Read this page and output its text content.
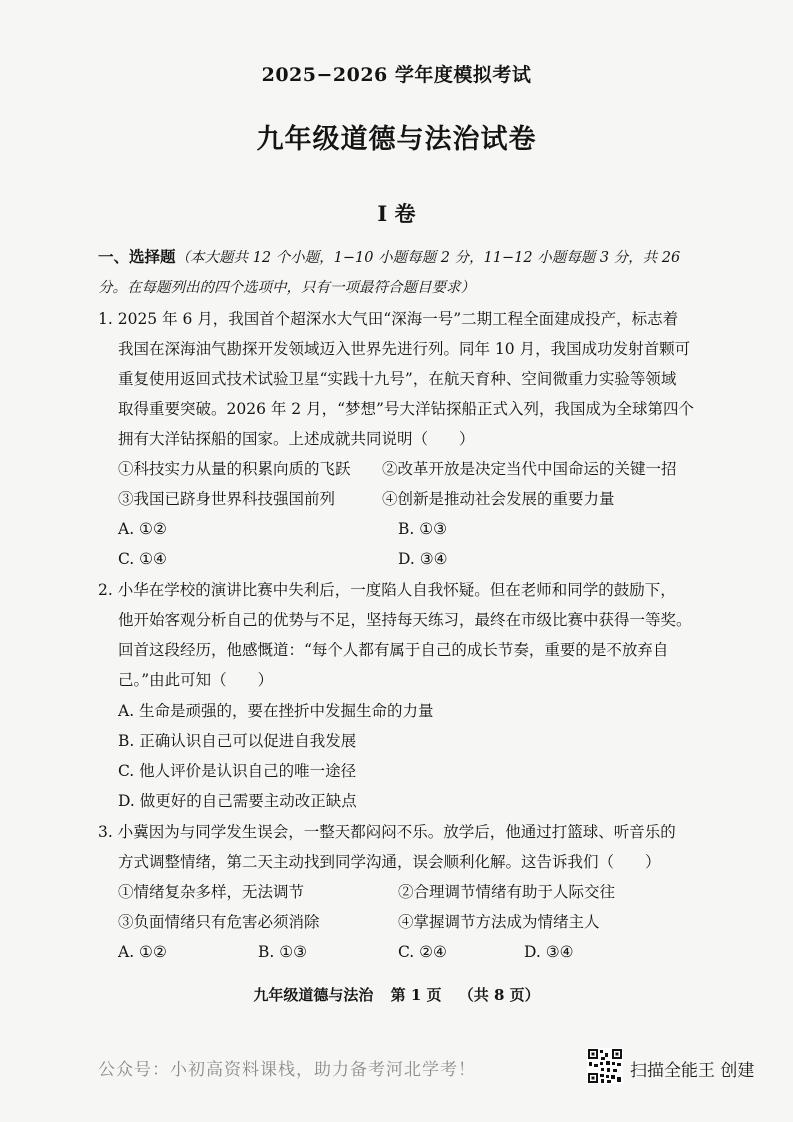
2025−2026 学年度模拟考试
九年级道德与法治试卷
I 卷
一、选择题（本大题共 12 个小题，1−10 小题每题 2 分，11−12 小题每题 3 分，共 26
分。在每题列出的四个选项中，只有一项最符合题目要求）
1. 2025 年 6 月，我国首个超深水大气田“深海一号”二期工程全面建成投产，标志着
我国在深海油气勘探开发领域迈入世界先进行列。同年 10 月，我国成功发射首颗可
重复使用返回式技术试验卫星“实践十九号”，在航天育种、空间微重力实验等领域
取得重要突破。2026 年 2 月，“梦想”号大洋钻探船正式入列，我国成为全球第四个
拥有大洋钻探船的国家。上述成就共同说明（　　）
①科技实力从量的积累向质的飞跃 ②改革开放是决定当代中国命运的关键一招
③我国已跻身世界科技强国前列	④创新是推动社会发展的重要力量
A. ①②	B. ①③
C. ①④	D. ③④
2. 小华在学校的演讲比赛中失利后，一度陷人自我怀疑。但在老师和同学的鼓励下，
他开始客观分析自己的优势与不足，坚持每天练习，最终在市级比赛中获得一等奖。
回首这段经历，他感慨道：“每个人都有属于自己的成长节奏，重要的是不放弃自
己。”由此可知（　　）
A. 生命是顽强的，要在挫折中发掘生命的力量
B. 正确认识自己可以促进自我发展
C. 他人评价是认识自己的唯一途径
D. 做更好的自己需要主动改正缺点
3. 小冀因为与同学发生误会，一整天都闷闷不乐。放学后，他通过打篮球、听音乐的
方式调整情绪，第二天主动找到同学沟通，误会顺利化解。这告诉我们（　　）
①情绪复杂多样，无法调节	②合理调节情绪有助于人际交往
③负面情绪只有危害必须消除	④掌握调节方法成为情绪主人
A. ①②	B. ①③	C. ②④	D. ③④
九年级道德与法治 第 1 页 （共 8 页）
公众号：小初高资料课栈，助力备考河北学考！	扫描全能王 创建
